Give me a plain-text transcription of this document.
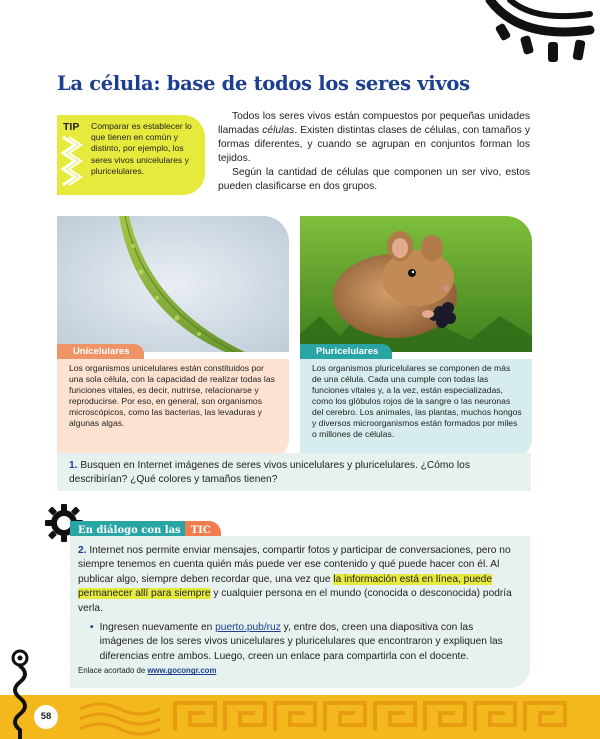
La célula: base de todos los seres vivos
TIP Comparar es establecer lo que tienen en común y distinto, por ejemplo, los seres vivos unicelulares y pluricelulares.

Todos los seres vivos están compuestos por pequeñas unidades llamadas células. Existen distintas clases de células, con tamaños y formas diferentes, y cuando se agrupan en conjuntos forman los tejidos.

Según la cantidad de células que componen un ser vivo, estos pueden clasificarse en dos grupos.

Unicelulares
Los organismos unicelulares están constituidos por una sola célula, con la capacidad de realizar todas las funciones vitales, es decir, nutrirse, relacionarse y reproducirse. Por eso, en general, son organismos microscópicos, como las bacterias, las levaduras y algunas algas.
Pluricelulares
Los organismos pluricelulares se componen de más de una célula. Cada una cumple con todas las funciones vitales y, a la vez, están especializadas, como los glóbulos rojos de la sangre o las neuronas del cerebro. Los animales, las plantas, muchos hongos y diversos microorganismos están formados por miles o millones de células.
1. Busquen en Internet imágenes de seres vivos unicelulares y pluricelulares. ¿Cómo los describirían? ¿Qué colores y tamaños tienen?
En diálogo con las	TIC

2. Internet nos permite enviar mensajes, compartir fotos y participar de conversaciones, pero no siempre tenemos en cuenta quién más puede ver ese contenido y qué puede hacer con él. Al publicar algo, siempre deben recordar que, una vez que la información está en línea, puede permanecer allí para siempre y cualquier persona en el mundo (conocida o desconocida) podría verla.

• Ingresen nuevamente en puerto.pub/ruz y, entre dos, creen una diapositiva con las imágenes de los seres vivos unicelulares y pluricelulares que encontraron y expliquen las diferencias entre ambos. Luego, creen un enlace para compartirla con el docente.

Enlace acortado de www.gocongr.com

58
